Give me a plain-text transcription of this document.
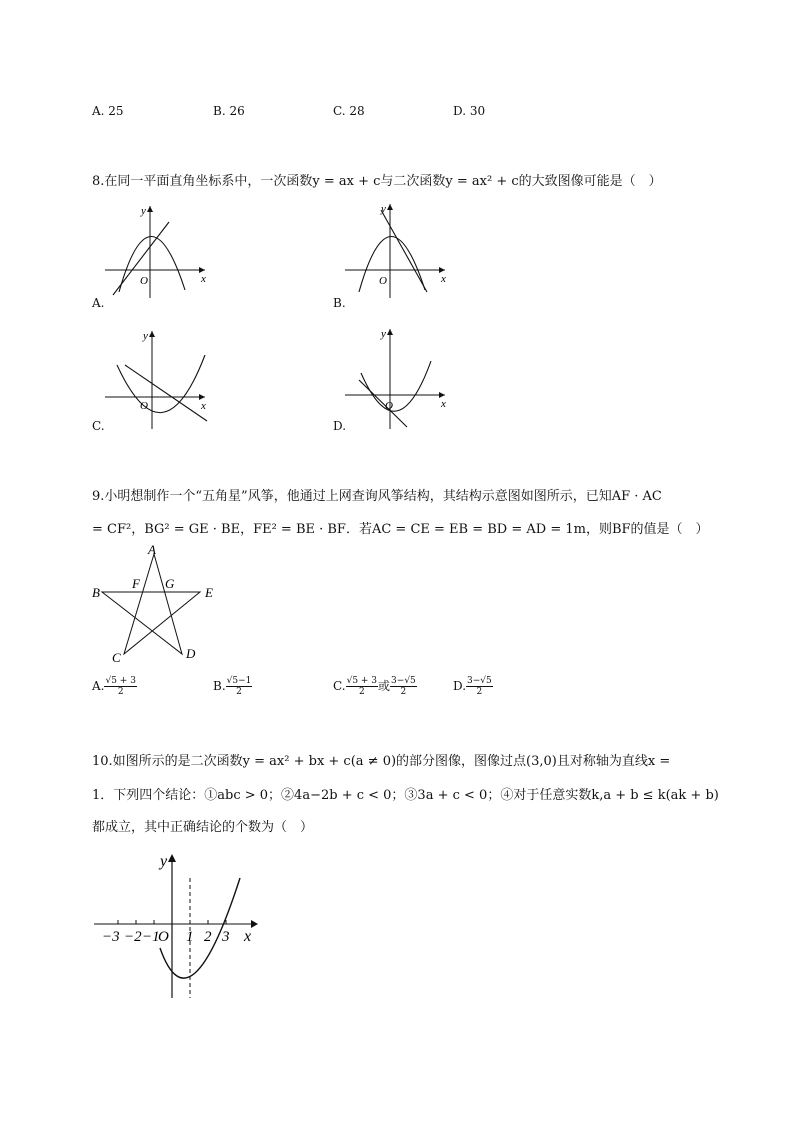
A. 25	B. 26	C. 28	D. 30
8.在同一平面直角坐标系中，一次函数y = ax + c与二次函数y = ax² + c的大致图像可能是（　）
y
x
O
A.
y
x
O
B.
y
x
O
C.
y
x
O
D.
9.小明想制作一个“五角星”风筝，他通过上网查询风筝结构，其结构示意图如图所示，已知AF · AC
= CF²，BG² = GE · BE，FE² = BE · BF．若AC = CE = EB = BD = AD = 1m，则BF的值是（　）
A
B
C	D
E
F G
A. $\frac{√5 + 3}{2}$	B. $\frac{√5-1}{2}$	C. $\frac{√5 + 3}{2}$ 或 $\frac{3-√5}{2}$	D. $\frac{3-√5}{2}$
10.如图所示的是二次函数y = ax² + bx + c(a ≠ 0)的部分图像，图像过点(3,0)且对称轴为直线x =
1．下列四个结论：①abc > 0；②4a−2b + c < 0；③3a + c < 0；④对于任意实数k,a + b ≤ k(ak + b)
都成立，其中正确结论的个数为（　）
y
x
−3 −2 −1
O 1 2 3
